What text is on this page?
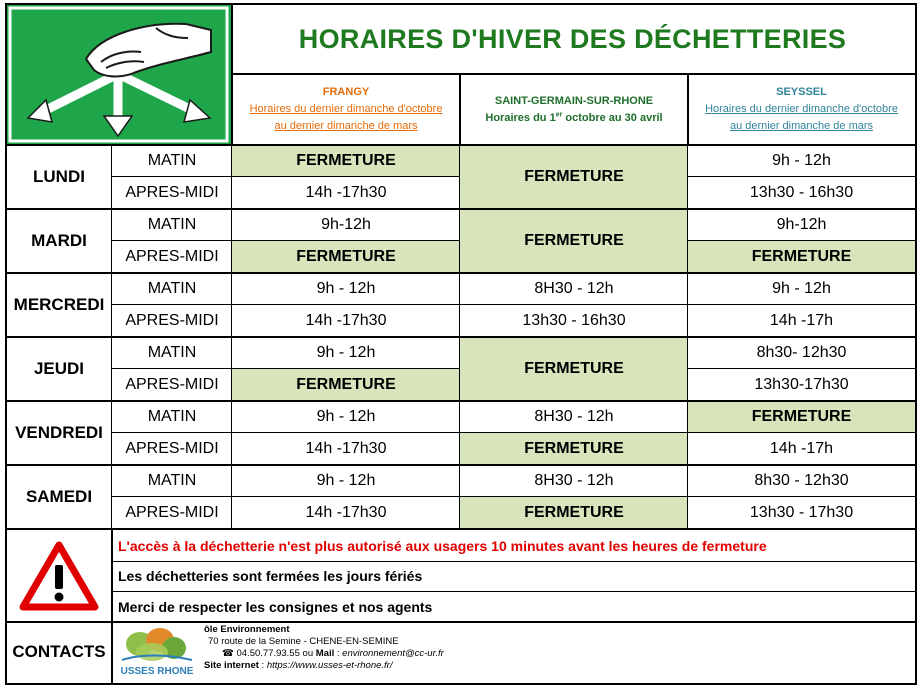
HORAIRES D'HIVER DES DÉCHETTERIES
FRANGY
Horaires du dernier dimanche d'octobre
au dernier dimanche de mars
SAINT-GERMAIN-SUR-RHONE
Horaires du 1er octobre au 30 avril
SEYSSEL
Horaires du dernier dimanche d'octobre
au dernier dimanche de mars
LUNDI
MATIN
APRES-MIDI
FERMETURE
14h -17h30
FERMETURE
9h - 12h
13h30 - 16h30
MARDI
MATIN
APRES-MIDI
9h-12h
FERMETURE
FERMETURE
9h-12h
FERMETURE
MERCREDI
MATIN
APRES-MIDI
9h - 12h
14h -17h30
8H30 - 12h
13h30 - 16h30
9h - 12h
14h -17h
JEUDI
MATIN
APRES-MIDI
9h - 12h
FERMETURE
FERMETURE
8h30- 12h30
13h30-17h30
VENDREDI
MATIN
APRES-MIDI
9h - 12h
14h -17h30
8H30 - 12h
FERMETURE
FERMETURE
14h -17h
SAMEDI
MATIN
APRES-MIDI
9h - 12h
14h -17h30
8H30 - 12h
FERMETURE
8h30 - 12h30
13h30 - 17h30
L'accès à la déchetterie n'est plus autorisé aux usagers 10 minutes avant les heures de fermeture
Les déchetteries sont fermées les jours fériés
Merci de respecter les consignes et nos agents
CONTACTS
USSES RHONE
ôle Environnement
70 route de la Semine - CHENE-EN-SEMINE
☎ 04.50.77.93.55 ou Mail : environnement@cc-ur.fr
Site internet : https://www.usses-et-rhone.fr/
